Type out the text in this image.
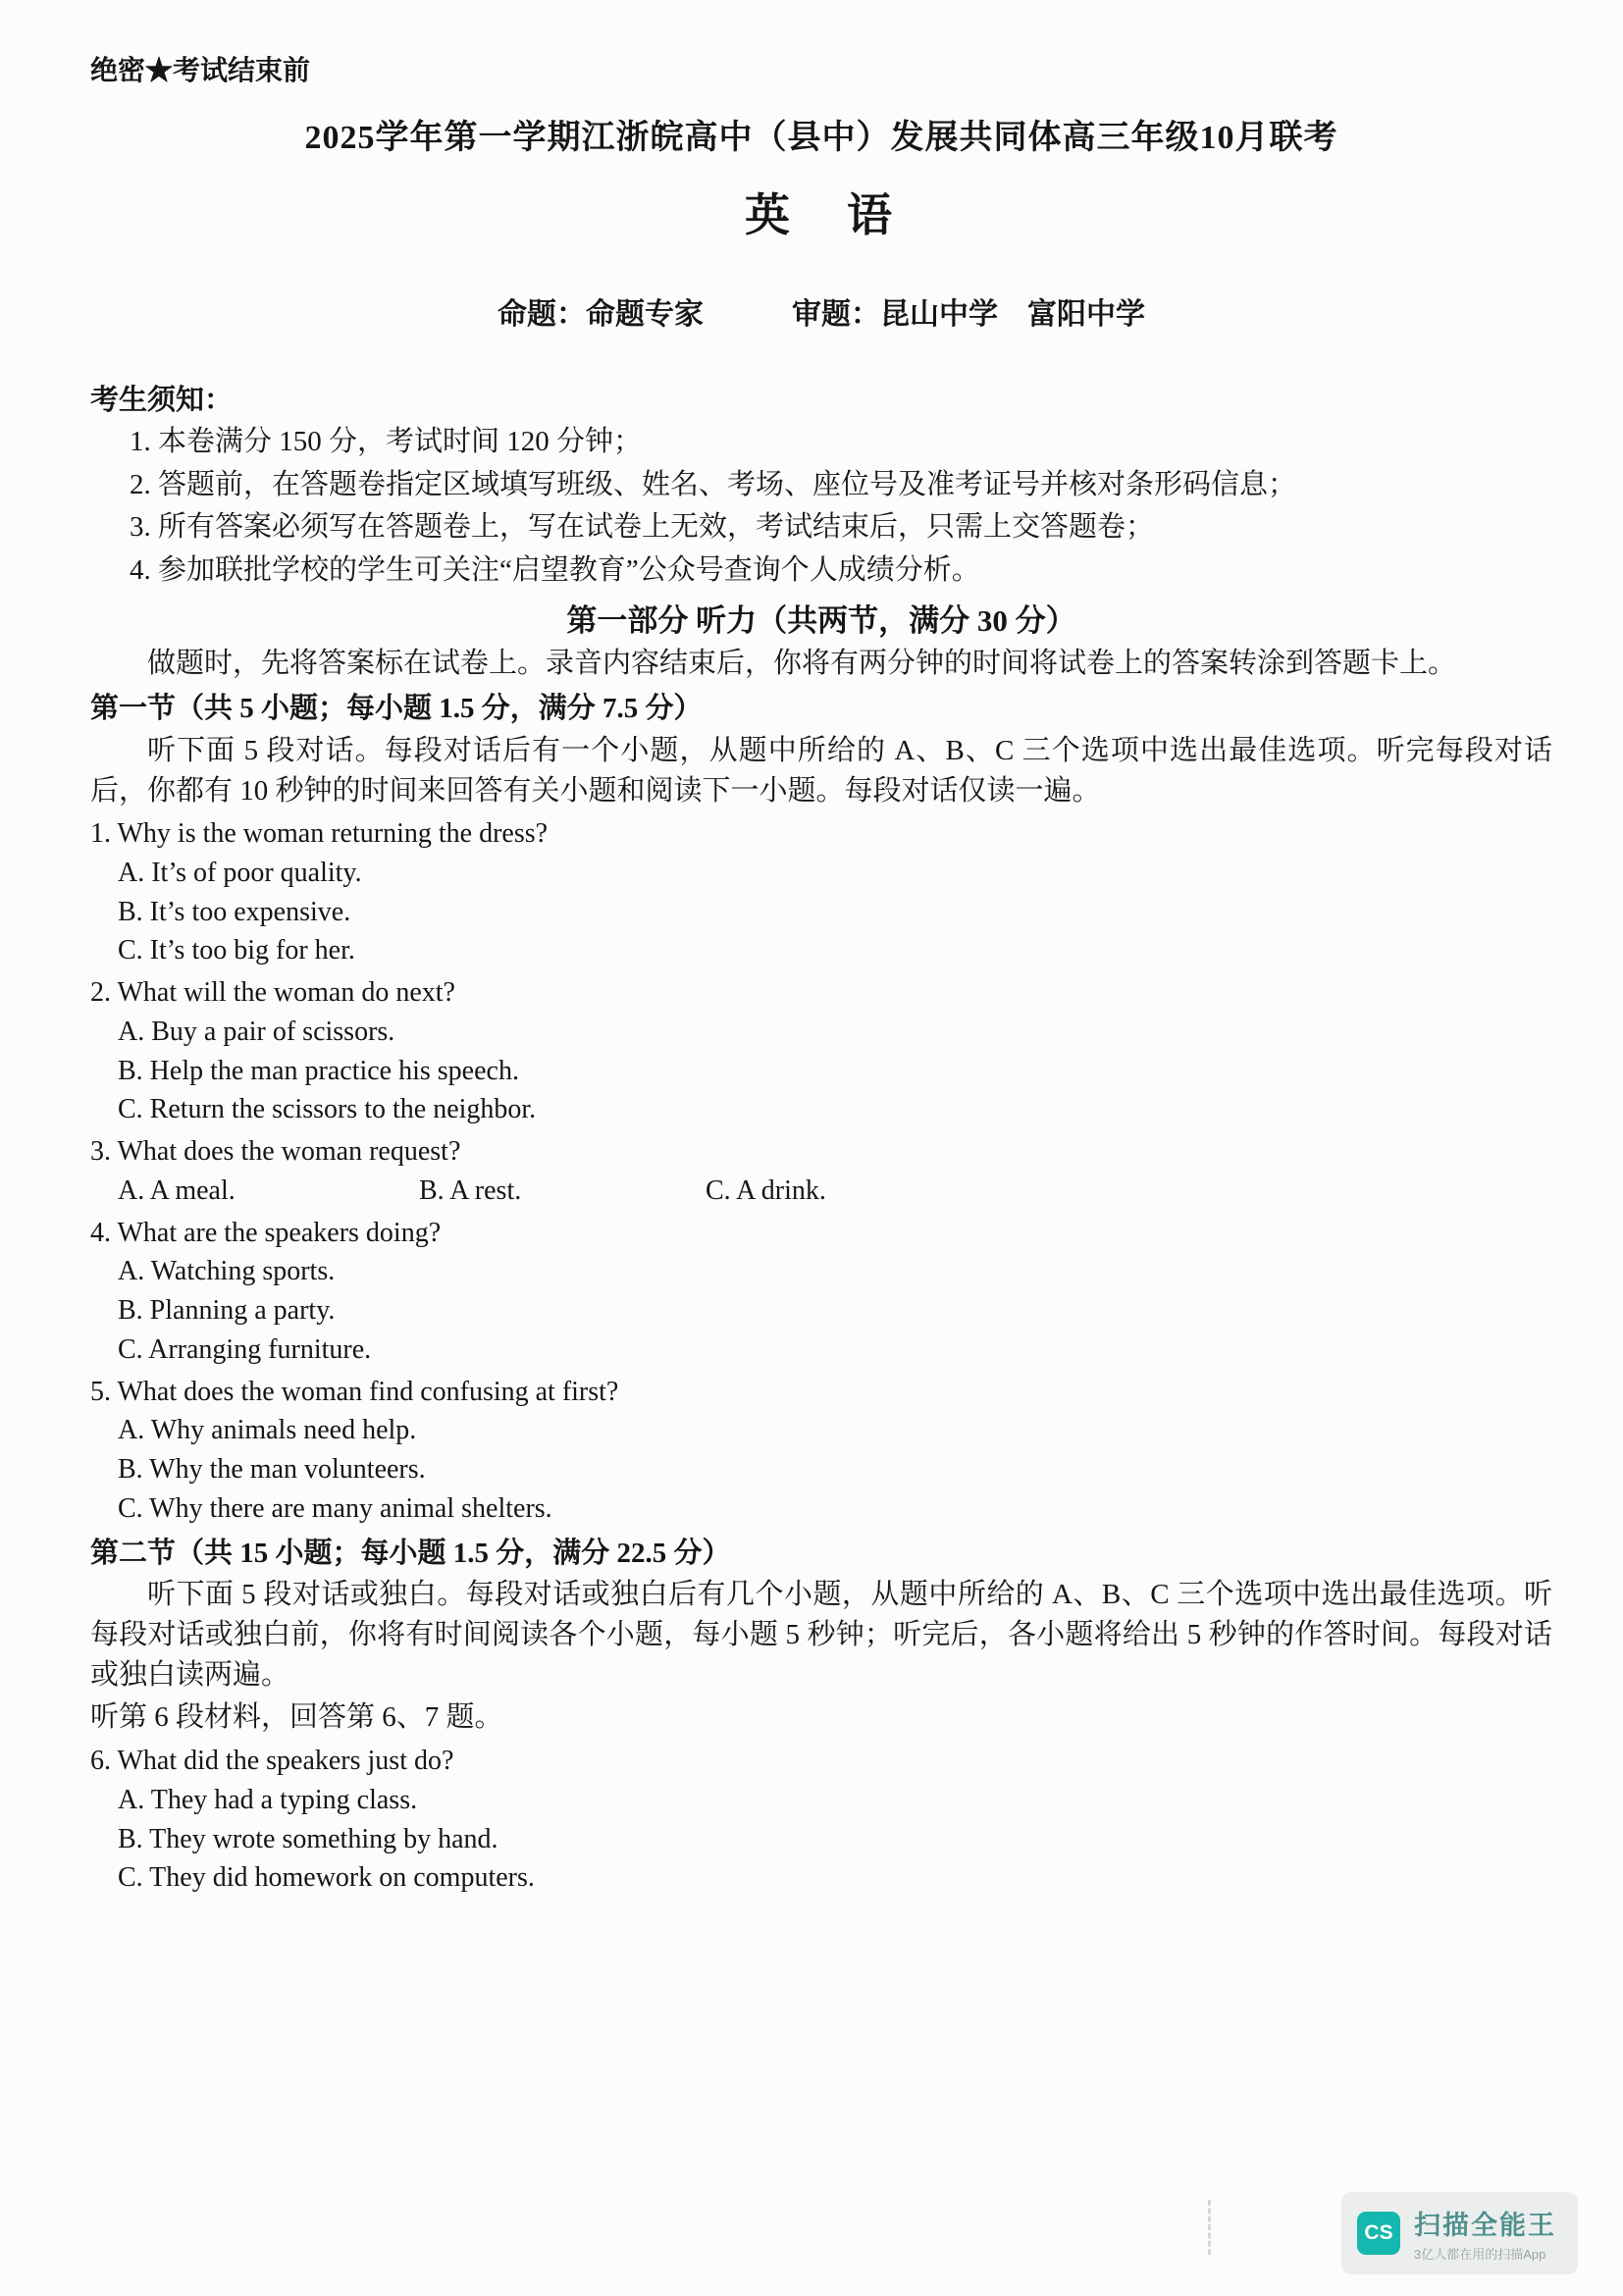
绝密★考试结束前
2025学年第一学期江浙皖高中（县中）发展共同体高三年级10月联考
英　语
命题：命题专家　　　审题：昆山中学　富阳中学
考生须知：
1. 本卷满分 150 分，考试时间 120 分钟；
2. 答题前，在答题卷指定区域填写班级、姓名、考场、座位号及准考证号并核对条形码信息；
3. 所有答案必须写在答题卷上，写在试卷上无效，考试结束后，只需上交答题卷；
4. 参加联批学校的学生可关注“启望教育”公众号查询个人成绩分析。
第一部分 听力（共两节，满分 30 分）
做题时，先将答案标在试卷上。录音内容结束后，你将有两分钟的时间将试卷上的答案转涂到答题卡上。
第一节（共 5 小题；每小题 1.5 分，满分 7.5 分）
听下面 5 段对话。每段对话后有一个小题，从题中所给的 A、B、C 三个选项中选出最佳选项。听完每段对话后，你都有 10 秒钟的时间来回答有关小题和阅读下一小题。每段对话仅读一遍。
1. Why is the woman returning the dress?
A. It’s of poor quality.
B. It’s too expensive.
C. It’s too big for her.
2. What will the woman do next?
A. Buy a pair of scissors.
B. Help the man practice his speech.
C. Return the scissors to the neighbor.
3. What does the woman request?
A. A meal.	B. A rest.	C. A drink.
4. What are the speakers doing?
A. Watching sports.
B. Planning a party.
C. Arranging furniture.
5. What does the woman find confusing at first?
A. Why animals need help.
B. Why the man volunteers.
C. Why there are many animal shelters.
第二节（共 15 小题；每小题 1.5 分，满分 22.5 分）
听下面 5 段对话或独白。每段对话或独白后有几个小题，从题中所给的 A、B、C 三个选项中选出最佳选项。听每段对话或独白前，你将有时间阅读各个小题，每小题 5 秒钟；听完后，各小题将给出 5 秒钟的作答时间。每段对话或独白读两遍。
听第 6 段材料，回答第 6、7 题。
6. What did the speakers just do?
A. They had a typing class.
B. They wrote something by hand.
C. They did homework on computers.
CS 扫描全能王
3亿人都在用的扫描App
